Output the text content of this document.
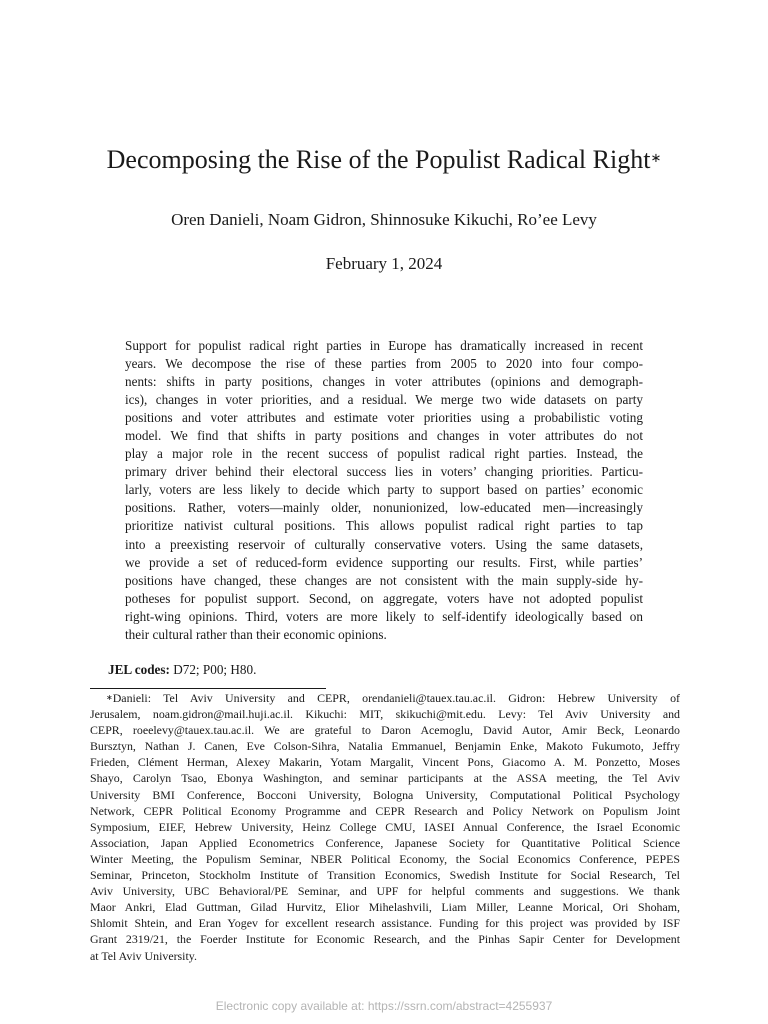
Decomposing the Rise of the Populist Radical Right∗
Oren Danieli, Noam Gidron, Shinnosuke Kikuchi, Ro’ee Levy
February 1, 2024
Support for populist radical right parties in Europe has dramatically increased in recent
years. We decompose the rise of these parties from 2005 to 2020 into four compo-
nents: shifts in party positions, changes in voter attributes (opinions and demograph-
ics), changes in voter priorities, and a residual. We merge two wide datasets on party
positions and voter attributes and estimate voter priorities using a probabilistic voting
model. We find that shifts in party positions and changes in voter attributes do not
play a major role in the recent success of populist radical right parties. Instead, the
primary driver behind their electoral success lies in voters’ changing priorities. Particu-
larly, voters are less likely to decide which party to support based on parties’ economic
positions. Rather, voters—mainly older, nonunionized, low-educated men—increasingly
prioritize nativist cultural positions. This allows populist radical right parties to tap
into a preexisting reservoir of culturally conservative voters. Using the same datasets,
we provide a set of reduced-form evidence supporting our results. First, while parties’
positions have changed, these changes are not consistent with the main supply-side hy-
potheses for populist support. Second, on aggregate, voters have not adopted populist
right-wing opinions. Third, voters are more likely to self-identify ideologically based on
their cultural rather than their economic opinions.
JEL codes: D72; P00; H80.
∗Danieli: Tel Aviv University and CEPR, orendanieli@tauex.tau.ac.il. Gidron: Hebrew University of
Jerusalem, noam.gidron@mail.huji.ac.il. Kikuchi: MIT, skikuchi@mit.edu. Levy: Tel Aviv University and
CEPR, roeelevy@tauex.tau.ac.il. We are grateful to Daron Acemoglu, David Autor, Amir Beck, Leonardo
Bursztyn, Nathan J. Canen, Eve Colson-Sihra, Natalia Emmanuel, Benjamin Enke, Makoto Fukumoto, Jeffry
Frieden, Clément Herman, Alexey Makarin, Yotam Margalit, Vincent Pons, Giacomo A. M. Ponzetto, Moses
Shayo, Carolyn Tsao, Ebonya Washington, and seminar participants at the ASSA meeting, the Tel Aviv
University BMI Conference, Bocconi University, Bologna University, Computational Political Psychology
Network, CEPR Political Economy Programme and CEPR Research and Policy Network on Populism Joint
Symposium, EIEF, Hebrew University, Heinz College CMU, IASEI Annual Conference, the Israel Economic
Association, Japan Applied Econometrics Conference, Japanese Society for Quantitative Political Science
Winter Meeting, the Populism Seminar, NBER Political Economy, the Social Economics Conference, PEPES
Seminar, Princeton, Stockholm Institute of Transition Economics, Swedish Institute for Social Research, Tel
Aviv University, UBC Behavioral/PE Seminar, and UPF for helpful comments and suggestions. We thank
Maor Ankri, Elad Guttman, Gilad Hurvitz, Elior Mihelashvili, Liam Miller, Leanne Morical, Ori Shoham,
Shlomit Shtein, and Eran Yogev for excellent research assistance. Funding for this project was provided by ISF
Grant 2319/21, the Foerder Institute for Economic Research, and the Pinhas Sapir Center for Development
at Tel Aviv University.
Electronic copy available at: https://ssrn.com/abstract=4255937
